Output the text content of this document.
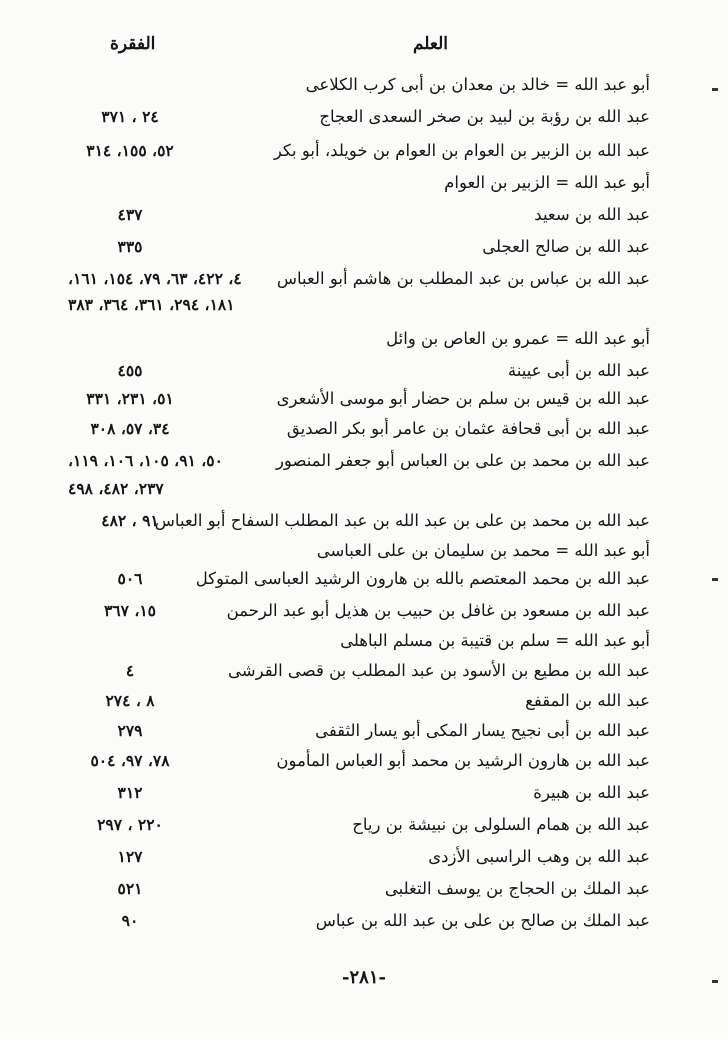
العلم
الفقرة
أبو عبد الله = خالد بن معدان بن أبى كرب الكلاعى
عبد الله بن رؤبة بن لبيد بن صخر السعدى العجاج
٢٤ ، ٣٧١
عبد الله بن الزبير بن العوام بن العوام بن خويلد، أبو بكر
٥٢، ١٥٥، ٣١٤
أبو عبد الله = الزبير بن العوام
عبد الله بن سعيد
٤٣٧
عبد الله بن صالح العجلى
٣٣٥
عبد الله بن عباس بن عبد المطلب بن هاشم أبو العباس
٤، ٤٢٢، ٦٣، ٧٩، ١٥٤، ١٦١،
١٨١، ٢٩٤، ٣٦١، ٣٦٤، ٣٨٣
أبو عبد الله = عمرو بن العاص بن وائل
عبد الله بن أبى عيينة
٤٥٥
عبد الله بن قيس بن سلم بن حضار أبو موسى الأشعرى
٥١، ٢٣١، ٣٣١
عبد الله بن أبى قحافة عثمان بن عامر أبو بكر الصديق
٣٤، ٥٧، ٣٠٨
عبد الله بن محمد بن على بن العباس أبو جعفر المنصور
٥٠، ٩١، ١٠٥، ١٠٦، ١١٩،
٢٣٧، ٤٨٢، ٤٩٨
عبد الله بن محمد بن على بن عبد الله بن عبد المطلب السفاح أبو العباس
٩١ ، ٤٨٢
أبو عبد الله = محمد بن سليمان بن على العباسى
عبد الله بن محمد المعتصم بالله بن هارون الرشيد العباسى المتوكل
٥٠٦
عبد الله بن مسعود بن غافل بن حبيب بن هذيل أبو عبد الرحمن
١٥، ٣٦٧
أبو عبد الله = سلم بن قتيبة بن مسلم الباهلى
عبد الله بن مطيع بن الأسود بن عبد المطلب بن قصى القرشى
٤
عبد الله بن المقفع
٨ ، ٢٧٤
عبد الله بن أبى نجيح يسار المكى أبو يسار الثقفى
٢٧٩
عبد الله بن هارون الرشيد بن محمد أبو العباس المأمون
٧٨، ٩٧، ٥٠٤
عبد الله بن هبيرة
٣١٢
عبد الله بن همام السلولى بن نبيشة بن رياح
٢٢٠ ، ٢٩٧
عبد الله بن وهب الراسبى الأزدى
١٢٧
عبد الملك بن الحجاج بن يوسف التغلبى
٥٢١
عبد الملك بن صالح بن على بن عبد الله بن عباس
٩٠
-٢٨١-
